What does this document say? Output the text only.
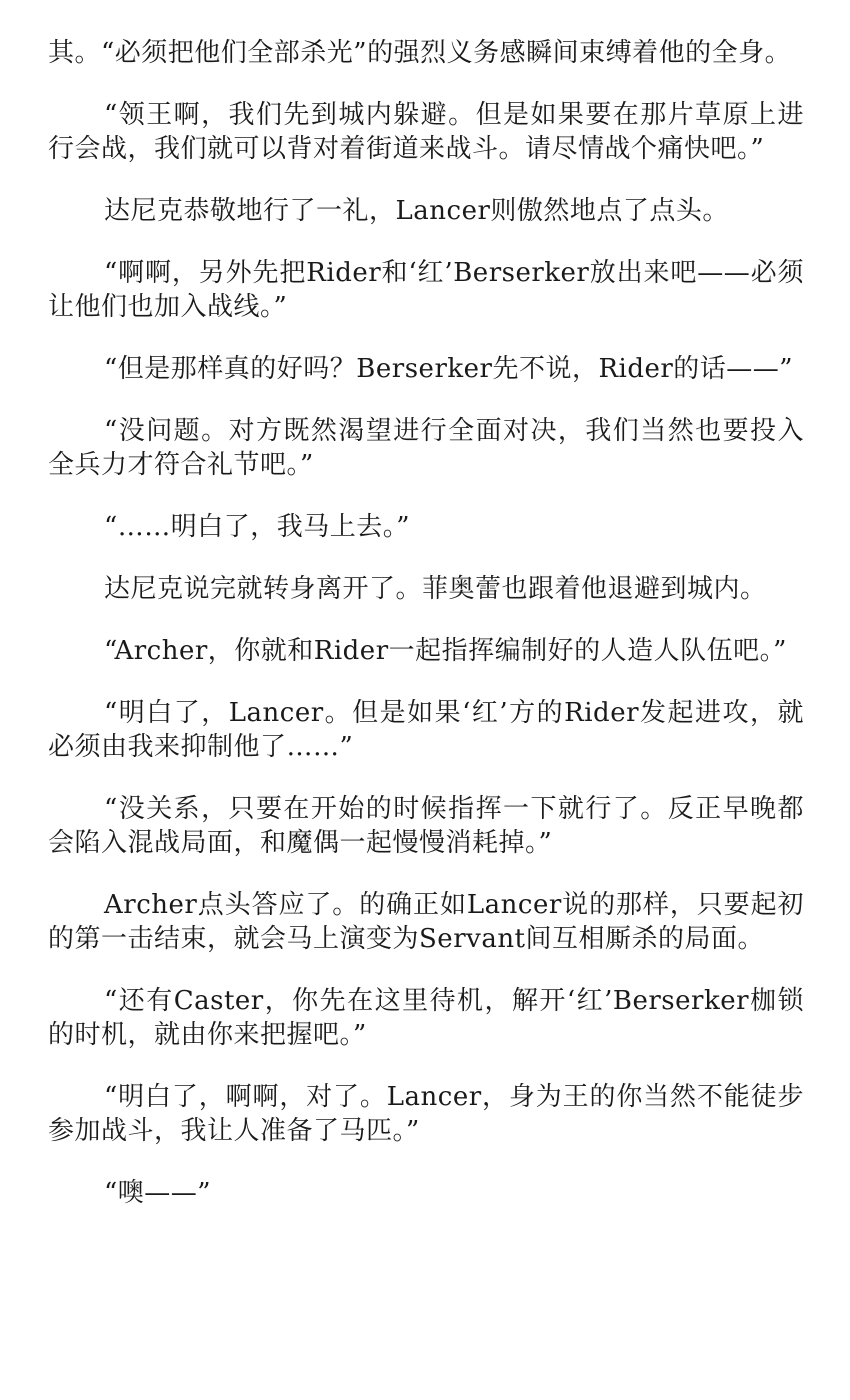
其。“必须把他们全部杀光”的强烈义务感瞬间束缚着他的全身。

“领王啊，我们先到城内躲避。但是如果要在那片草原上进行会战，我们就可以背对着街道来战斗。请尽情战个痛快吧。”

达尼克恭敬地行了一礼，Lancer则傲然地点了点头。

“啊啊，另外先把Rider和‘红’Berserker放出来吧——必须让他们也加入战线。”

“但是那样真的好吗？Berserker先不说，Rider的话——”

“没问题。对方既然渴望进行全面对决，我们当然也要投入全兵力才符合礼节吧。”

“……明白了，我马上去。”

达尼克说完就转身离开了。菲奥蕾也跟着他退避到城内。

“Archer，你就和Rider一起指挥编制好的人造人队伍吧。”

“明白了，Lancer。但是如果‘红’方的Rider发起进攻，就必须由我来抑制他了……”

“没关系，只要在开始的时候指挥一下就行了。反正早晚都会陷入混战局面，和魔偶一起慢慢消耗掉。”

Archer点头答应了。的确正如Lancer说的那样，只要起初的第一击结束，就会马上演变为Servant间互相厮杀的局面。

“还有Caster，你先在这里待机，解开‘红’Berserker枷锁的时机，就由你来把握吧。”

“明白了，啊啊，对了。Lancer，身为王的你当然不能徒步参加战斗，我让人准备了马匹。”

“噢——”
